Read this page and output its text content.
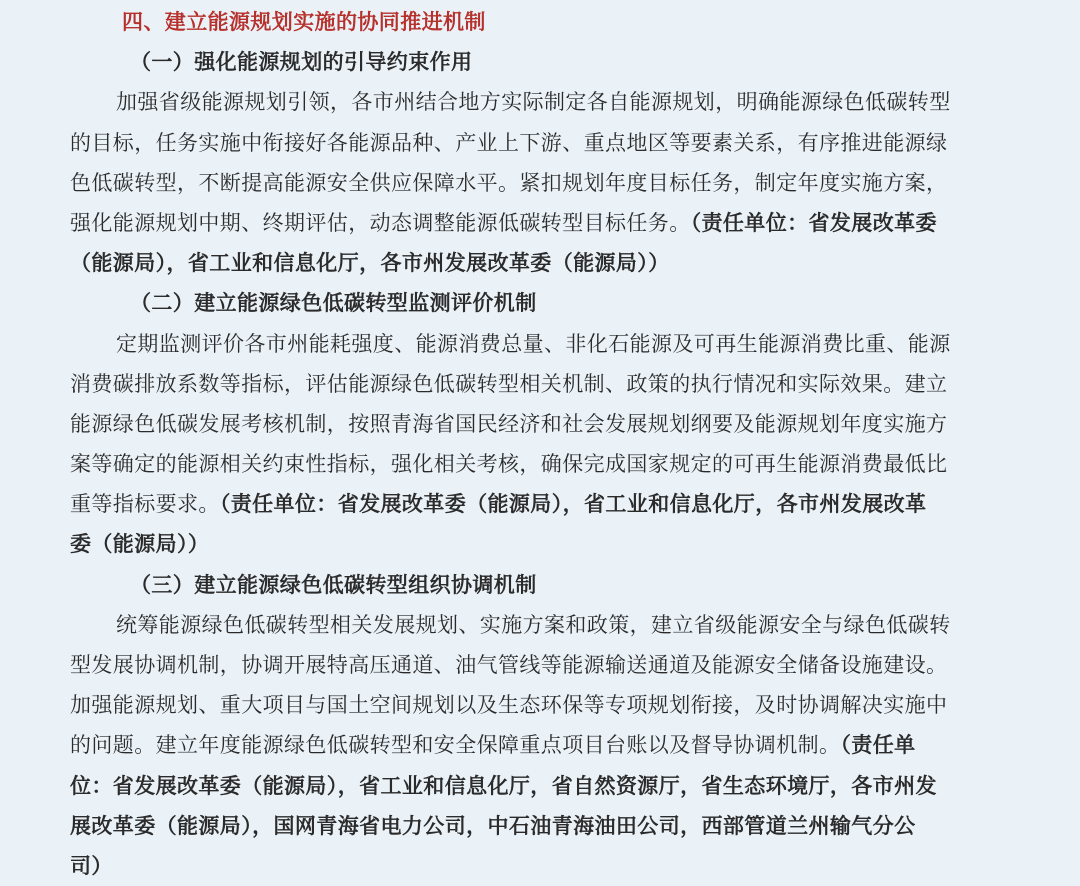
四、建立能源规划实施的协同推进机制
（一）强化能源规划的引导约束作用
加强省级能源规划引领，各市州结合地方实际制定各自能源规划，明确能源绿色低碳转型
的目标，任务实施中衔接好各能源品种、产业上下游、重点地区等要素关系，有序推进能源绿
色低碳转型，不断提高能源安全供应保障水平。紧扣规划年度目标任务，制定年度实施方案，
强化能源规划中期、终期评估，动态调整能源低碳转型目标任务。（责任单位：省发展改革委
（能源局），省工业和信息化厅，各市州发展改革委（能源局））
（二）建立能源绿色低碳转型监测评价机制
定期监测评价各市州能耗强度、能源消费总量、非化石能源及可再生能源消费比重、能源
消费碳排放系数等指标，评估能源绿色低碳转型相关机制、政策的执行情况和实际效果。建立
能源绿色低碳发展考核机制，按照青海省国民经济和社会发展规划纲要及能源规划年度实施方
案等确定的能源相关约束性指标，强化相关考核，确保完成国家规定的可再生能源消费最低比
重等指标要求。（责任单位：省发展改革委（能源局），省工业和信息化厅，各市州发展改革
委（能源局））
（三）建立能源绿色低碳转型组织协调机制
统筹能源绿色低碳转型相关发展规划、实施方案和政策，建立省级能源安全与绿色低碳转
型发展协调机制，协调开展特高压通道、油气管线等能源输送通道及能源安全储备设施建设。
加强能源规划、重大项目与国土空间规划以及生态环保等专项规划衔接，及时协调解决实施中
的问题。建立年度能源绿色低碳转型和安全保障重点项目台账以及督导协调机制。（责任单
位：省发展改革委（能源局），省工业和信息化厅，省自然资源厅，省生态环境厅，各市州发
展改革委（能源局），国网青海省电力公司，中石油青海油田公司，西部管道兰州输气分公
司）
